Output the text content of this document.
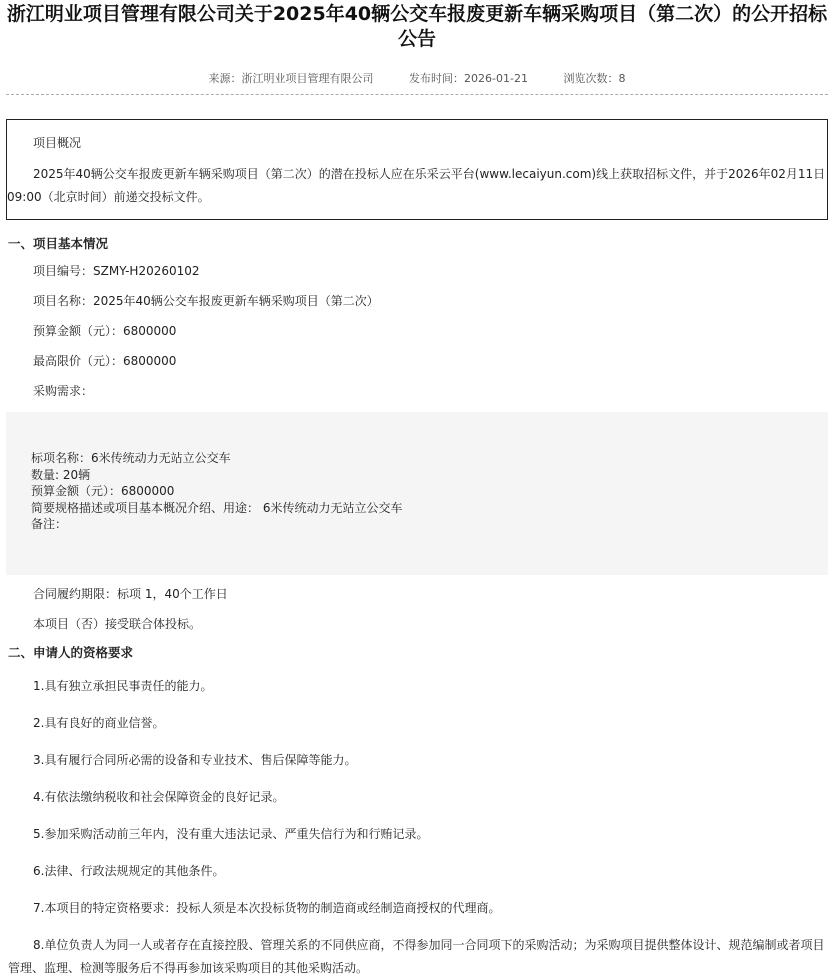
浙江明业项目管理有限公司关于2025年40辆公交车报废更新车辆采购项目（第二次）的公开招标公告
来源：浙江明业项目管理有限公司	发布时间：2026-01-21	浏览次数：8

项目概况

2025年40辆公交车报废更新车辆采购项目（第二次）的潜在投标人应在乐采云平台(www.lecaiyun.com)线上获取招标文件，并于2026年02月11日 09:00（北京时间）前递交投标文件。

一、项目基本情况
项目编号：SZMY-H20260102
项目名称：2025年40辆公交车报废更新车辆采购项目（第二次）
预算金额（元）：6800000
最高限价（元）：6800000
采购需求：
标项名称：6米传统动力无站立公交车
数量: 20辆
预算金额（元）：6800000
简要规格描述或项目基本概况介绍、用途： 6米传统动力无站立公交车
备注：
合同履约期限：标项 1，40个工作日
本项目（否）接受联合体投标。
二、申请人的资格要求
1.具有独立承担民事责任的能力。
2.具有良好的商业信誉。
3.具有履行合同所必需的设备和专业技术、售后保障等能力。
4.有依法缴纳税收和社会保障资金的良好记录。
5.参加采购活动前三年内，没有重大违法记录、严重失信行为和行贿记录。
6.法律、行政法规规定的其他条件。
7.本项目的特定资格要求：投标人须是本次投标货物的制造商或经制造商授权的代理商。
8.单位负责人为同一人或者存在直接控股、管理关系的不同供应商，不得参加同一合同项下的采购活动；为采购项目提供整体设计、规范编制或者项目管理、监理、检测等服务后不得再参加该采购项目的其他采购活动。
